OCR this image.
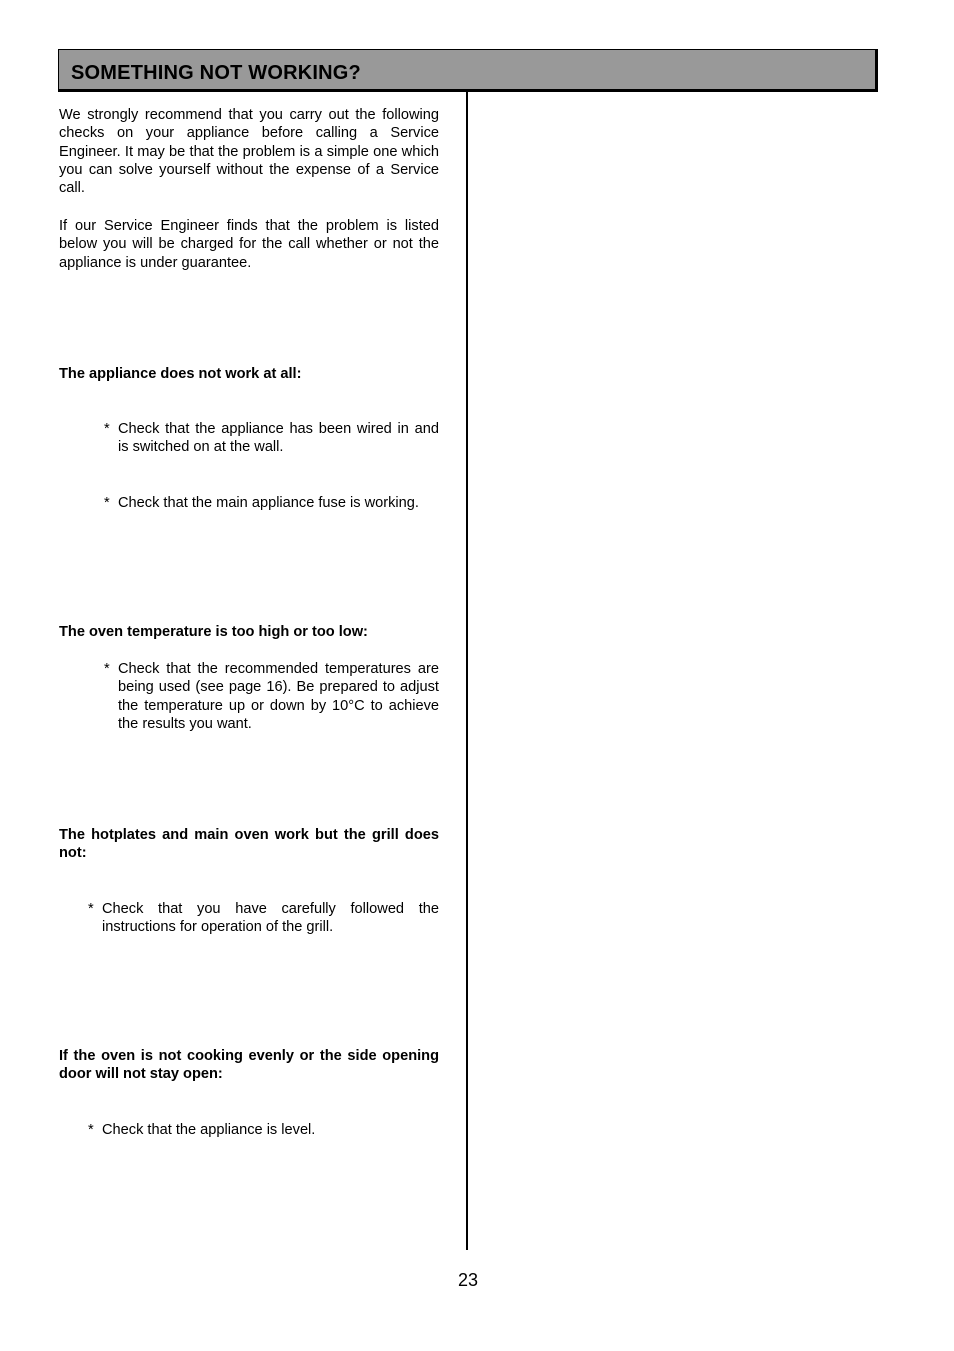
SOMETHING NOT WORKING?
We strongly recommend that you carry out the following checks on your appliance before calling a Service Engineer. It may be that the problem is a simple one which you can solve yourself without the expense of a Service call.
If our Service Engineer finds that the problem is listed below you will be charged for the call whether or not the appliance is under guarantee.
The appliance does not work at all:
* Check that the appliance has been wired in and is switched on at the wall.
* Check that the main appliance fuse is working.
The oven temperature is too high or too low:
* Check that the recommended temperatures are being used (see page 16). Be prepared to adjust the temperature up or down by 10°C to achieve the results you want.
The hotplates and main oven work but the grill does not:
* Check that you have carefully followed the instructions for operation of the grill.
If the oven is not cooking evenly or the side opening door will not stay open:
* Check that the appliance is level.
23
